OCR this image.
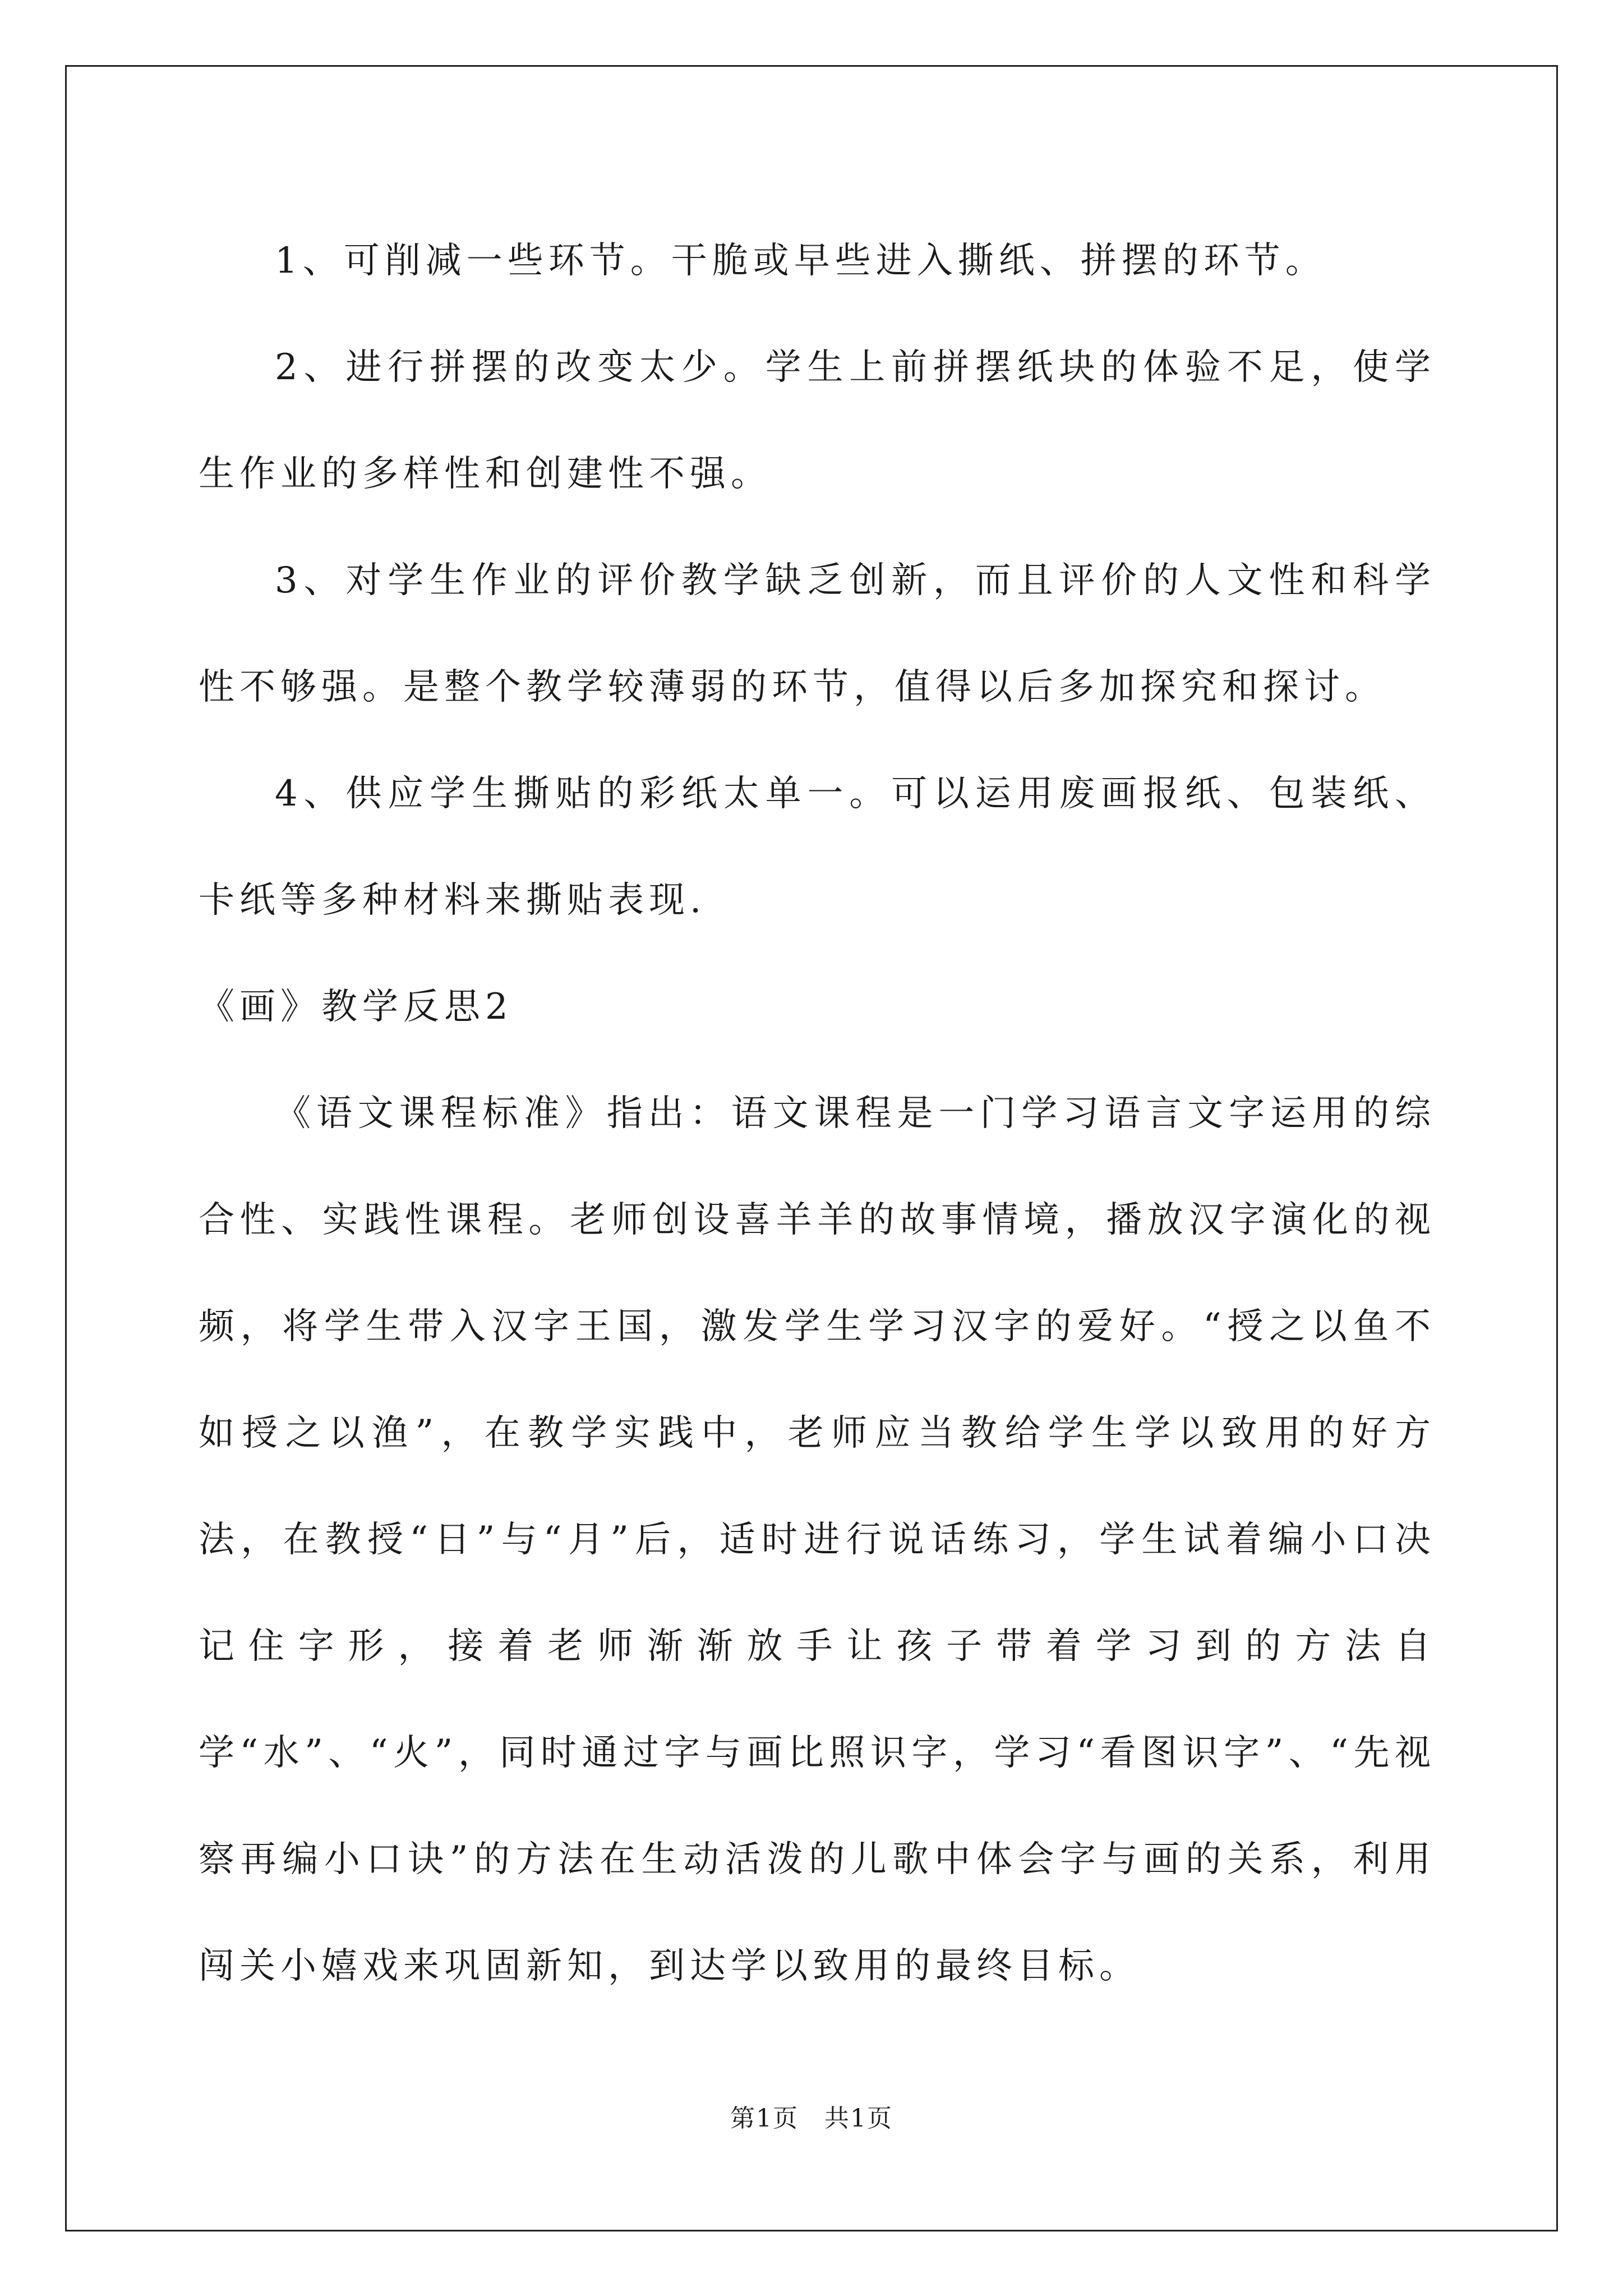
1、可削减一些环节。干脆或早些进入撕纸、拼摆的环节。

2、进行拼摆的改变太少。学生上前拼摆纸块的体验不足，使学生作业的多样性和创建性不强。

3、对学生作业的评价教学缺乏创新，而且评价的人文性和科学性不够强。是整个教学较薄弱的环节，值得以后多加探究和探讨。

4、供应学生撕贴的彩纸太单一。可以运用废画报纸、包装纸、卡纸等多种材料来撕贴表现.

《画》教学反思2

《语文课程标准》指出：语文课程是一门学习语言文字运用的综合性、实践性课程。老师创设喜羊羊的故事情境，播放汉字演化的视频，将学生带入汉字王国，激发学生学习汉字的爱好。“授之以鱼不如授之以渔”，在教学实践中，老师应当教给学生学以致用的好方法，在教授“日”与“月”后，适时进行说话练习，学生试着编小口决记住字形，接着老师渐渐放手让孩子带着学习到的方法自学“水”、“火”，同时通过字与画比照识字，学习“看图识字”、“先视察再编小口诀”的方法在生动活泼的儿歌中体会字与画的关系，利用闯关小嬉戏来巩固新知，到达学以致用的最终目标。

第1页　共1页
